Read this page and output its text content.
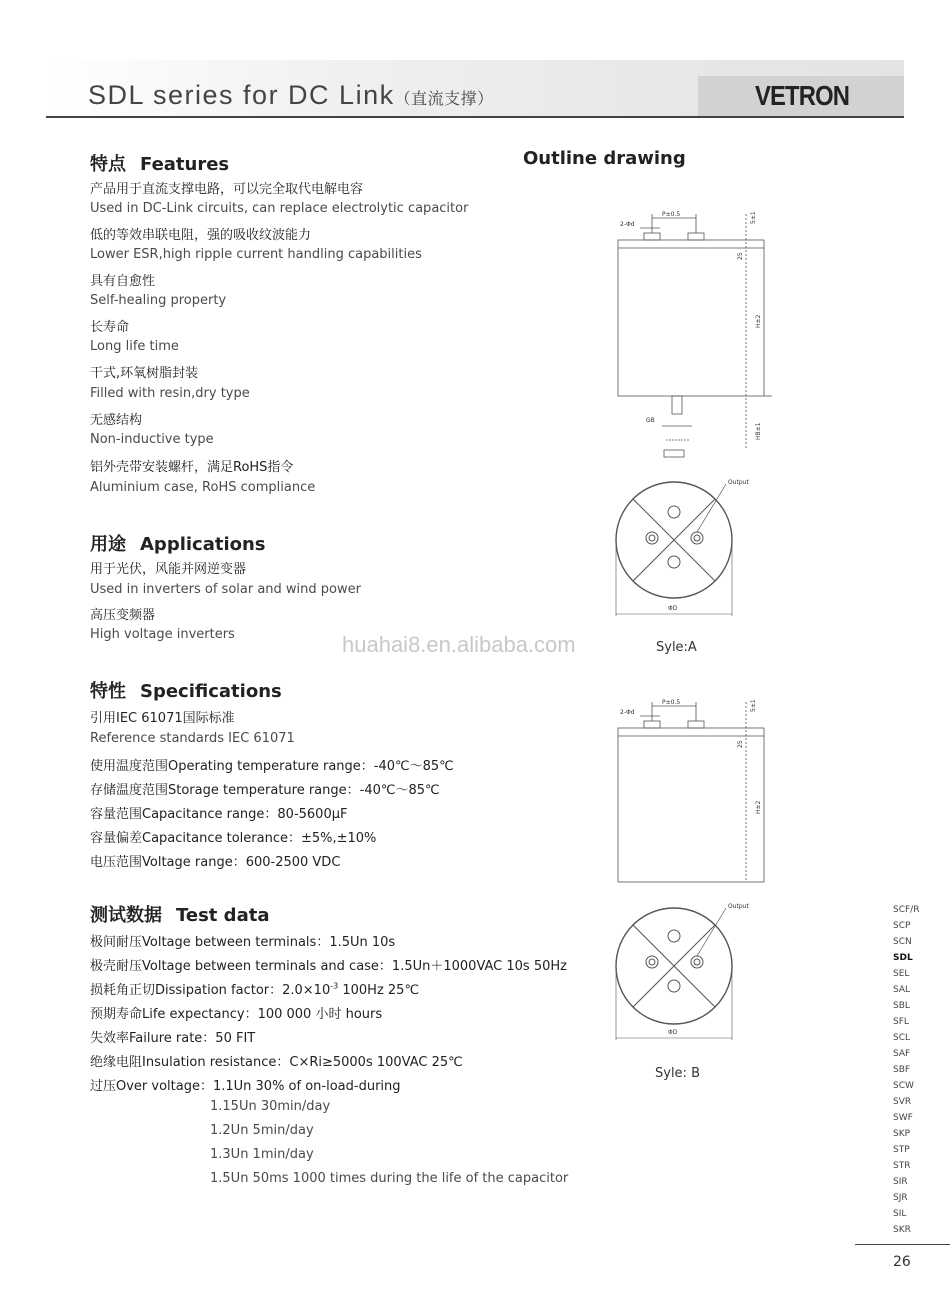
SDL series for DC Link（直流支撑）	VETRON
特点 Features
产品用于直流支撑电路，可以完全取代电解电容
Used in DC-Link circuits, can replace electrolytic capacitor
低的等效串联电阻，强的吸收纹波能力
Lower ESR,high ripple current handling capabilities
具有自愈性
Self-healing property
长寿命
Long life time
干式,环氧树脂封装
Filled with resin,dry type
无感结构
Non-inductive type
铝外壳带安装螺杆，满足RoHS指令
Aluminium case, RoHS compliance
用途 Applications
用于光伏，风能并网逆变器
Used in inverters of solar and wind power
高压变频器
High voltage inverters
特性 Specifications
引用IEC 61071国际标准
Reference standards IEC 61071
使用温度范围Operating temperature range：-40℃～85℃
存储温度范围Storage temperature range：-40℃～85℃
容量范围Capacitance range：80-5600μF
容量偏差Capacitance tolerance：±5%,±10%
电压范围Voltage range：600-2500 VDC
测试数据 Test data
极间耐压Voltage between terminals：1.5Un 10s
极壳耐压Voltage between terminals and case：1.5Un＋1000VAC 10s 50Hz
损耗角正切Dissipation factor：$2.0\times 10^{-3}$ 100Hz 25℃
预期寿命Life expectancy：100 000 小时 hours
失效率Failure rate：50 FIT
绝缘电阻Insulation resistance：C×Ri≥5000s 100VAC 25℃
过压Over voltage：1.1Un 30% of on-load-during
1.15Un 30min/day
1.2Un 5min/day
1.3Un 1min/day
1.5Un 50ms 1000 times during the life of the capacitor
Outline drawing
2-Φd
P±0.5	5±1
25
H±2
GB
HB±1
Output
ΦD
Syle:A
huahai8.en.alibaba.com
2-Φd
P±0.5	5±1
25
H±2
Output
ΦD
Syle: B
SCF/R
SCP
SCN
SDL
SEL
SAL
SBL
SFL
SCL
SAF
SBF
SCW
SVR
SWF
SKP
STP
STR
SIR
SJR
SIL
SKR
26
